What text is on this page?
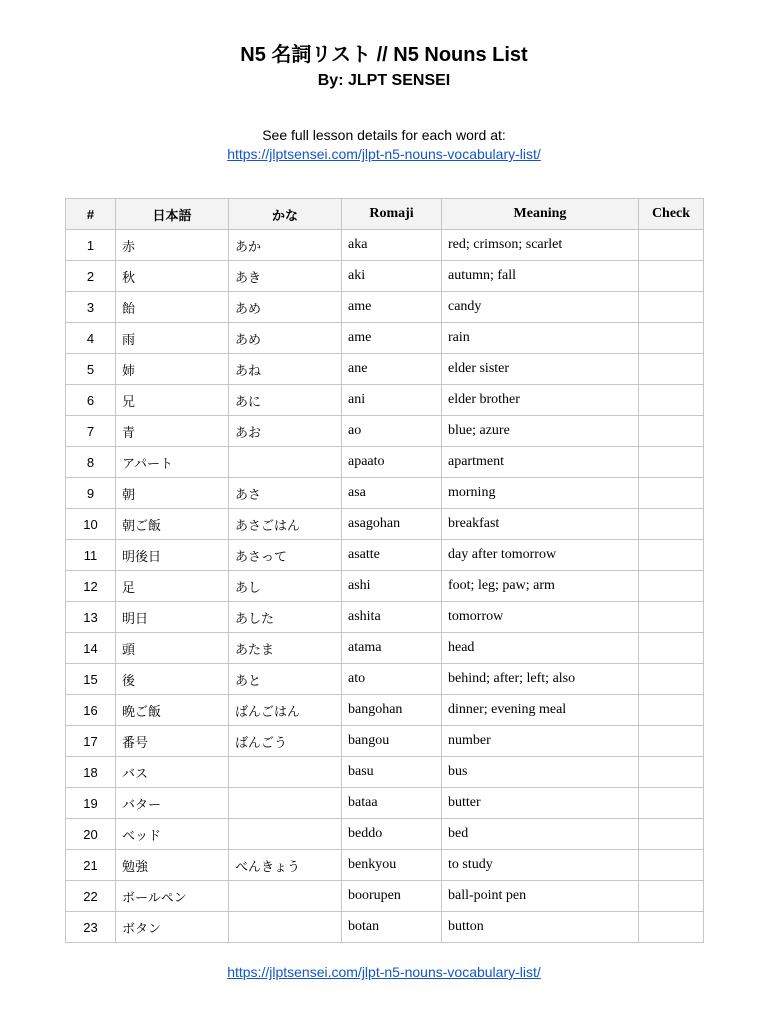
N5 名詞リスト // N5 Nouns List
By: JLPT SENSEI
See full lesson details for each word at:
https://jlptsensei.com/jlpt-n5-nouns-vocabulary-list/
#	日本語	かな	Romaji	Meaning	Check
1	赤	あか	aka	red; crimson; scarlet	
2	秋	あき	aki	autumn; fall	
3	飴	あめ	ame	candy	
4	雨	あめ	ame	rain	
5	姉	あね	ane	elder sister	
6	兄	あに	ani	elder brother	
7	青	あお	ao	blue; azure	
8	アパート		apaato	apartment	
9	朝	あさ	asa	morning	
10	朝ご飯	あさごはん	asagohan	breakfast	
11	明後日	あさって	asatte	day after tomorrow	
12	足	あし	ashi	foot; leg; paw; arm	
13	明日	あした	ashita	tomorrow	
14	頭	あたま	atama	head	
15	後	あと	ato	behind; after; left; also	
16	晩ご飯	ばんごはん	bangohan	dinner; evening meal	
17	番号	ばんごう	bangou	number	
18	バス		basu	bus	
19	バター		bataa	butter	
20	ベッド		beddo	bed	
21	勉強	べんきょう	benkyou	to study	
22	ボールペン		boorupen	ball-point pen	
23	ボタン		botan	button	
https://jlptsensei.com/jlpt-n5-nouns-vocabulary-list/
